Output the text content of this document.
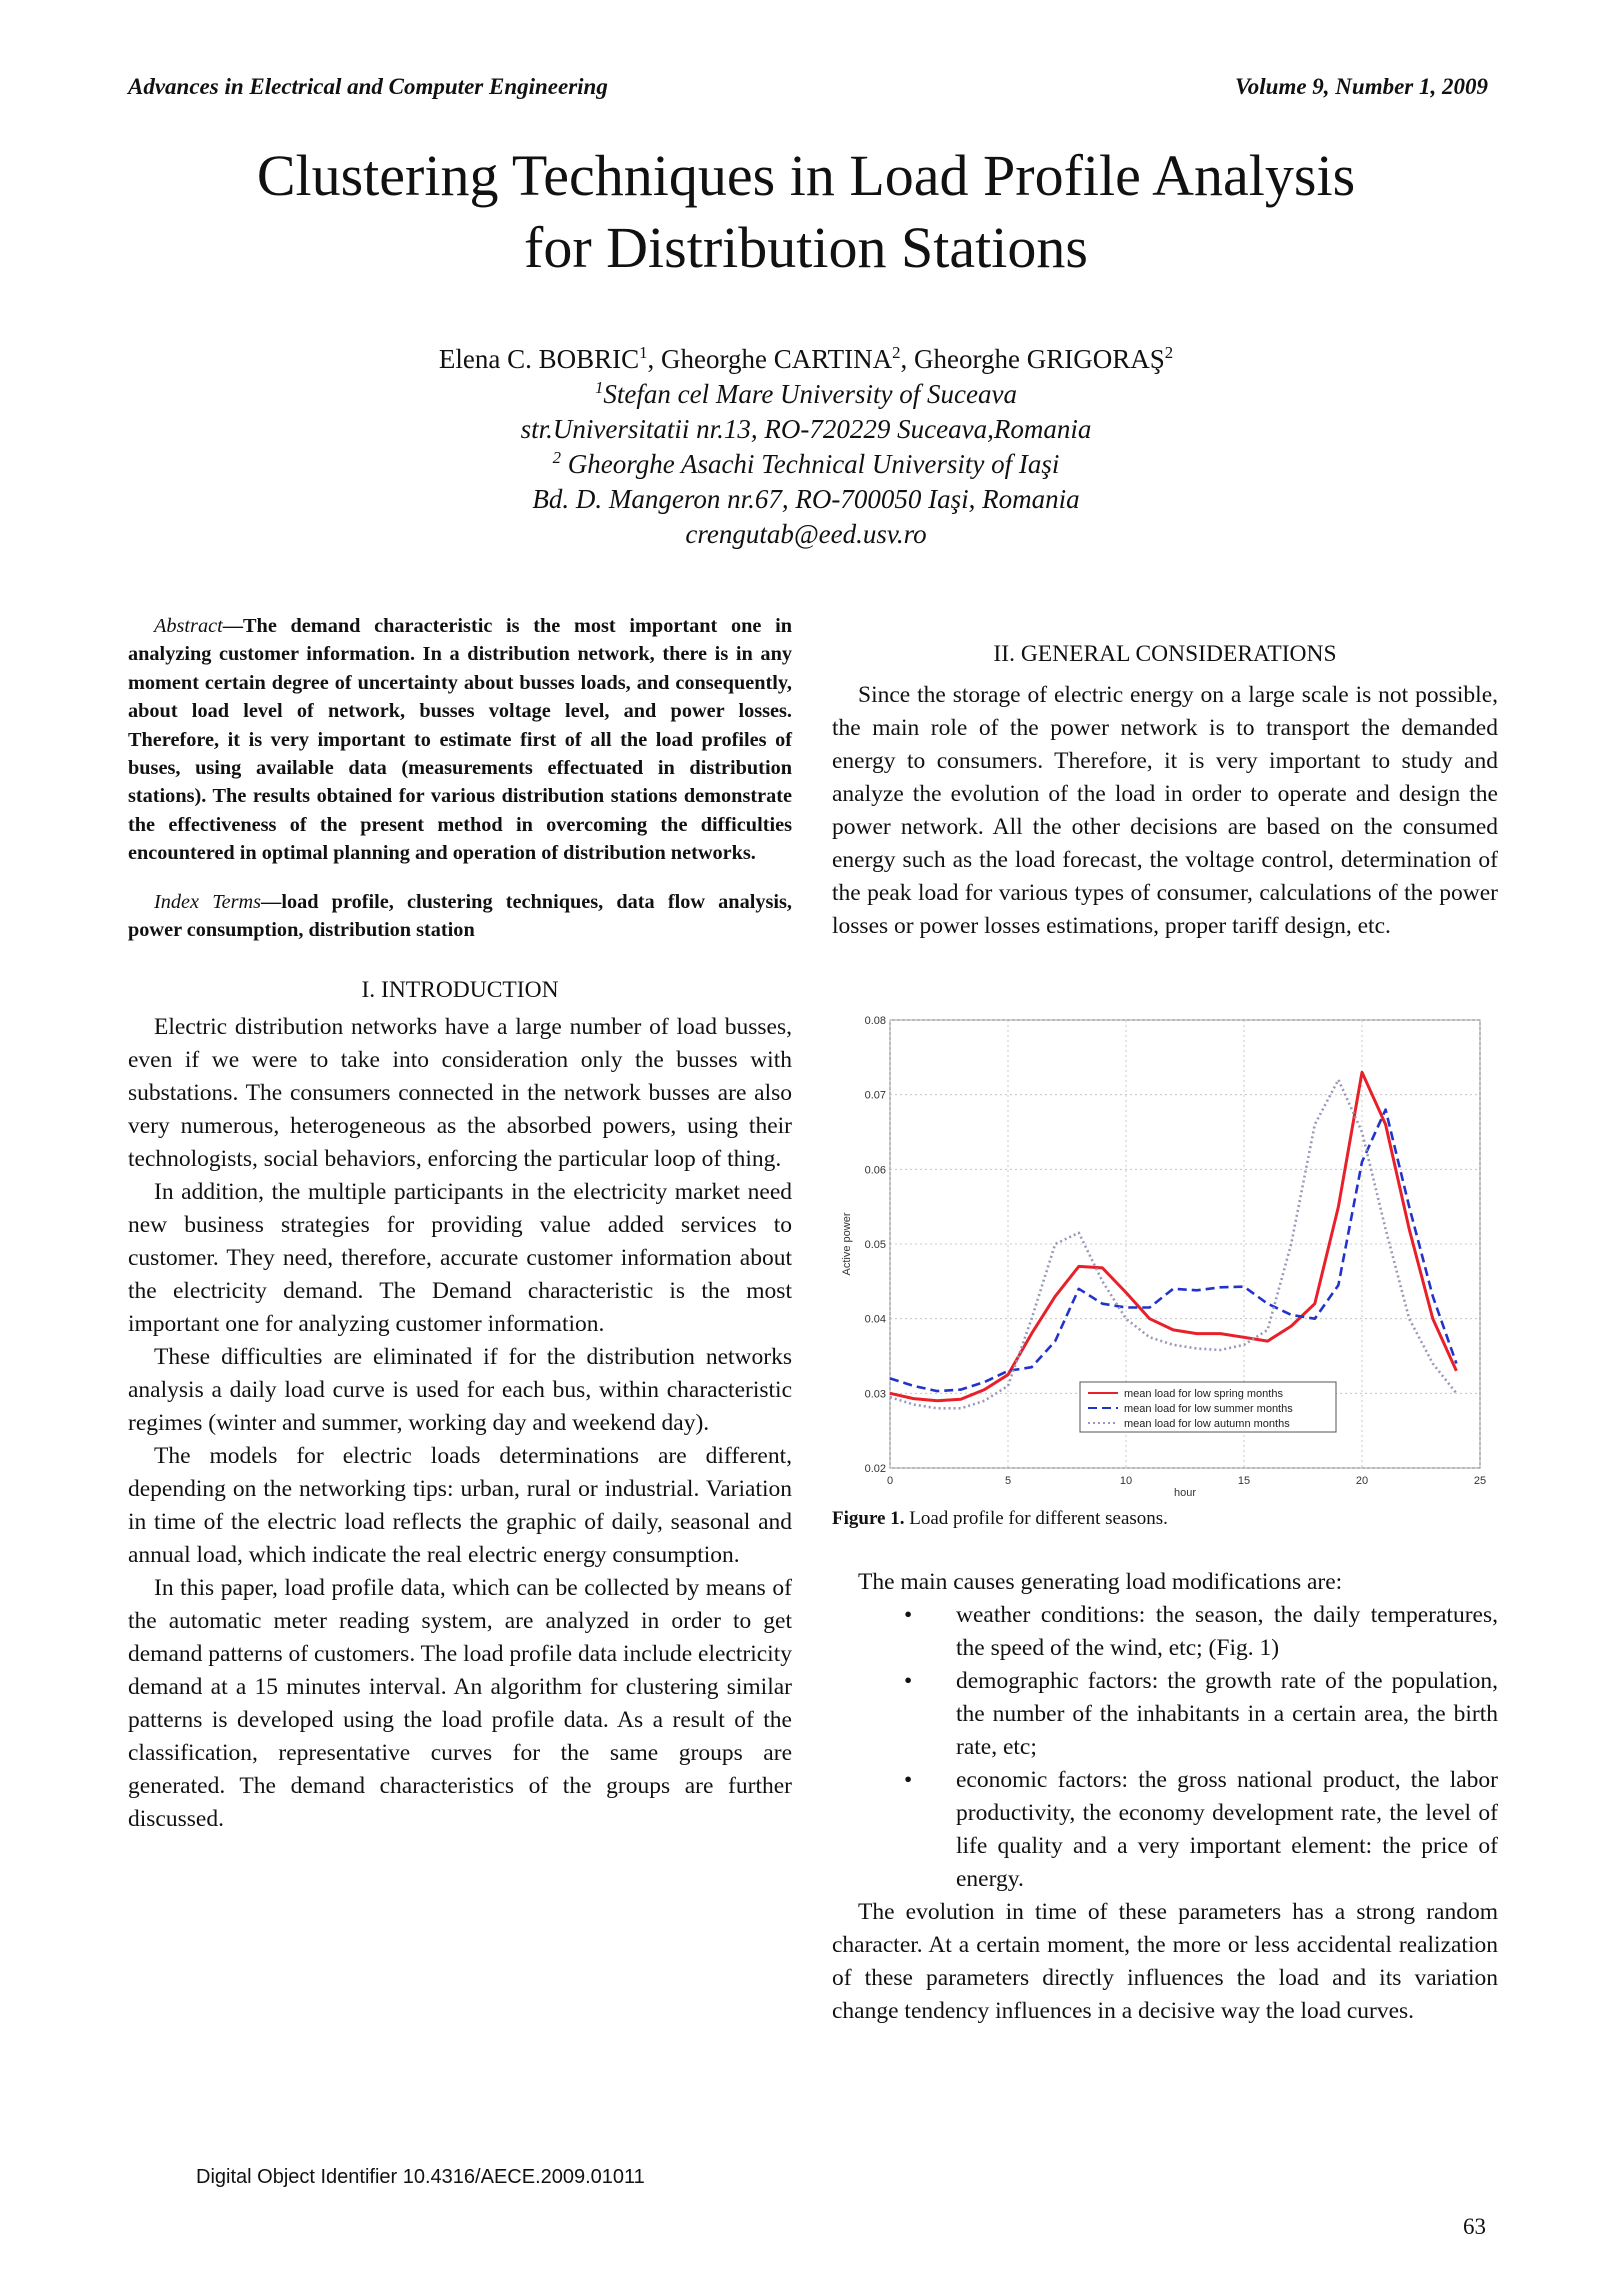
Advances in Electrical and Computer Engineering	Volume 9, Number 1, 2009
Clustering Techniques in Load Profile Analysis
for Distribution Stations
Elena C. BOBRIC$^1$, Gheorghe CARTINA$^2$, Gheorghe GRIGORAŞ$^2$
$^1$Stefan cel Mare University of Suceava
str.Universitatii nr.13, RO-720229 Suceava,Romania
$^2$ Gheorghe Asachi Technical University of Iaşi
Bd. D. Mangeron nr.67, RO-700050 Iaşi, Romania
crengutab@eed.usv.ro

Abstract—The demand characteristic is the most important one in analyzing customer information. In a distribution network, there is in any moment certain degree of uncertainty about busses loads, and consequently, about load level of network, busses voltage level, and power losses. Therefore, it is very important to estimate first of all the load profiles of buses, using available data (measurements effectuated in distribution stations). The results obtained for various distribution stations demonstrate the effectiveness of the present method in overcoming the difficulties encountered in optimal planning and operation of distribution networks.

Index Terms—load profile, clustering techniques, data flow analysis, power consumption, distribution station

I. INTRODUCTION

Electric distribution networks have a large number of load busses, even if we were to take into consideration only the busses with substations. The consumers connected in the network busses are also very numerous, heterogeneous as the absorbed powers, using their technologists, social behaviors, enforcing the particular loop of thing.

In addition, the multiple participants in the electricity market need new business strategies for providing value added services to customer. They need, therefore, accurate customer information about the electricity demand. The Demand characteristic is the most important one for analyzing customer information.

These difficulties are eliminated if for the distribution networks analysis a daily load curve is used for each bus, within characteristic regimes (winter and summer, working day and weekend day).

The models for electric loads determinations are different, depending on the networking tips: urban, rural or industrial. Variation in time of the electric load reflects the graphic of daily, seasonal and annual load, which indicate the real electric energy consumption.

In this paper, load profile data, which can be collected by means of the automatic meter reading system, are analyzed in order to get demand patterns of customers. The load profile data include electricity demand at a 15 minutes interval. An algorithm for clustering similar patterns is developed using the load profile data. As a result of the classification, representative curves for the same groups are generated. The demand characteristics of the groups are further discussed.

II. GENERAL CONSIDERATIONS

Since the storage of electric energy on a large scale is not possible, the main role of the power network is to transport the demanded energy to consumers. Therefore, it is very important to study and analyze the evolution of the load in order to operate and design the power network. All the other decisions are based on the consumed energy such as the load forecast, the voltage control, determination of the peak load for various types of consumer, calculations of the power losses or power losses estimations, proper tariff design, etc.

0	5	10	15	20	25
0.02
0.03
0.04
0.05
0.06
0.07
0.08
hour
Active power
mean load for low spring months
mean load for low summer months
mean load for low autumn months
Figure 1. Load profile for different seasons.

The main causes generating load modifications are:

• weather conditions: the season, the daily temperatures, the speed of the wind, etc; (Fig. 1)
• demographic factors: the growth rate of the population, the number of the inhabitants in a certain area, the birth rate, etc;
• economic factors: the gross national product, the labor productivity, the economy development rate, the level of life quality and a very important element: the price of energy.

The evolution in time of these parameters has a strong random character. At a certain moment, the more or less accidental realization of these parameters directly influences the load and its variation change tendency influences in a decisive way the load curves.

Digital Object Identifier 10.4316/AECE.2009.01011
63
